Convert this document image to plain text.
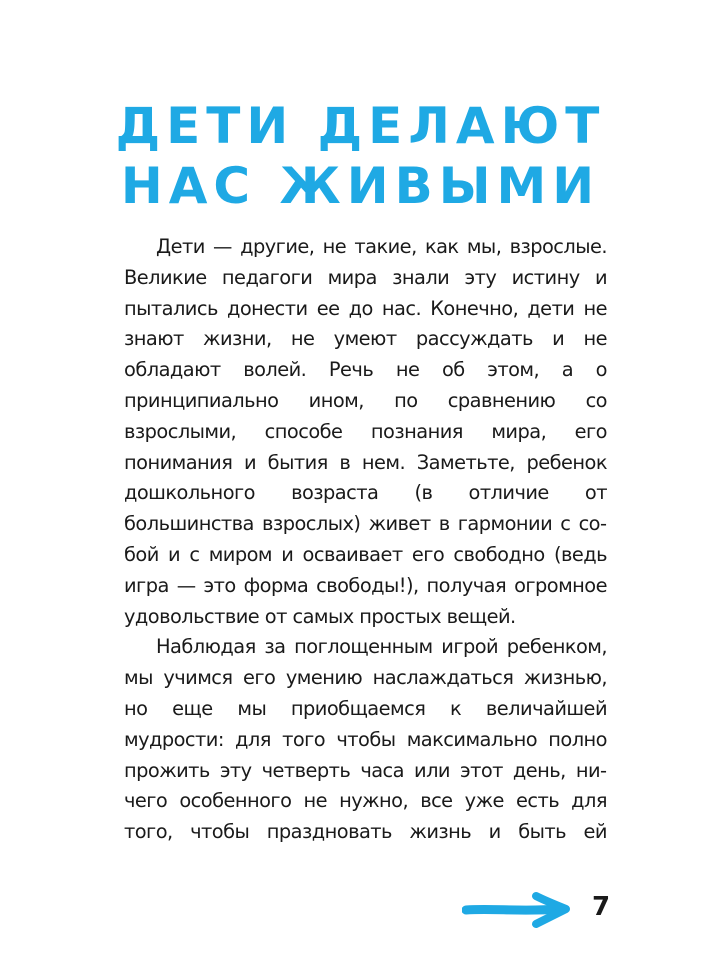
ДЕТИ ДЕЛАЮТ
НАС ЖИВЫМИ

Дети — другие, не такие, как мы, взрослые. Великие педагоги мира знали эту истину и пытались донести ее до нас. Конечно, дети не знают жизни, не умеют рассуждать и не обладают волей. Речь не об этом, а о принципиально ином, по сравнению со взрослыми, способе познания мира, его понимания и бытия в нем. Заметьте, ребенок дошкольного возраста (в отличие от большинства взрослых) живет в гармонии с собой и с миром и осваивает его свободно (ведь игра — это форма свободы!), получая огромное удовольствие от самых простых вещей.

Наблюдая за поглощенным игрой ребенком, мы учимся его умению наслаждаться жизнью, но еще мы приобщаемся к величайшей мудрости: для того чтобы максимально полно прожить эту четверть часа или этот день, ничего особенного не нужно, все уже есть для того, чтобы праздновать жизнь и быть ей

7
